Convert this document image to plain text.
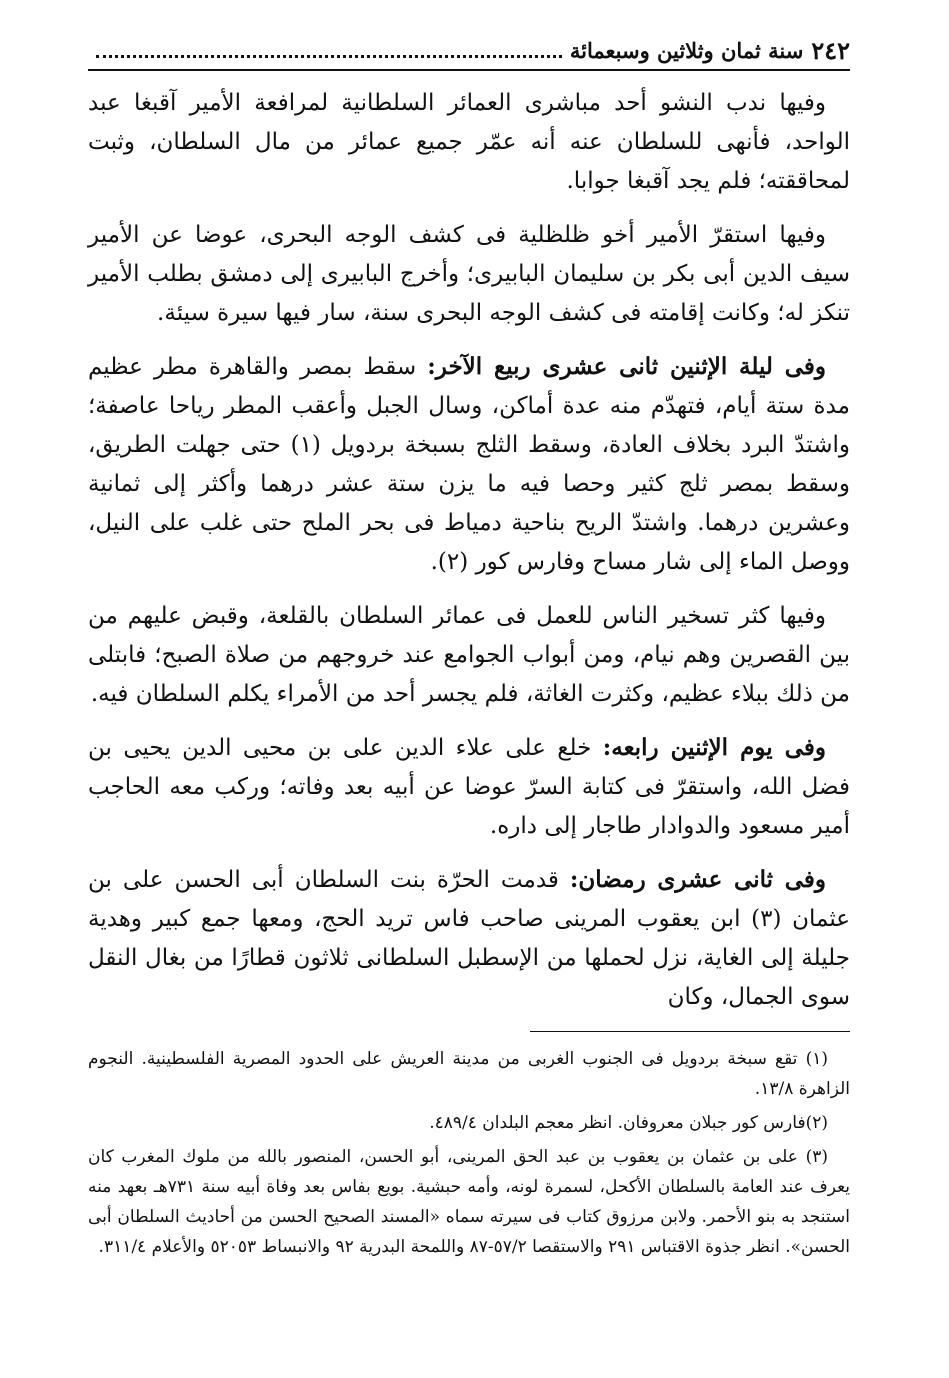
٢٤٢
سنة ثمان وثلاثين وسبعمائة

وفيها ندب النشو أحد مباشرى العمائر السلطانية لمرافعة الأمير آقبغا عبد الواحد، فأنهى للسلطان عنه أنه عمّر جميع عمائر من مال السلطان، وثبت لمحاققته؛ فلم يجد آقبغا جوابا.

وفيها استقرّ الأمير أخو ظلظلية فى كشف الوجه البحرى، عوضا عن الأمير سيف الدين أبى بكر بن سليمان البابيرى؛ وأخرج البابيرى إلى دمشق بطلب الأمير تنكز له؛ وكانت إقامته فى كشف الوجه البحرى سنة، سار فيها سيرة سيئة.

وفى ليلة الإثنين ثانى عشرى ربيع الآخر: سقط بمصر والقاهرة مطر عظيم مدة ستة أيام، فتهدّم منه عدة أماكن، وسال الجبل وأعقب المطر رياحا عاصفة؛ واشتدّ البرد بخلاف العادة، وسقط الثلج بسبخة بردويل (١) حتى جهلت الطريق، وسقط بمصر ثلج كثير وحصا فيه ما يزن ستة عشر درهما وأكثر إلى ثمانية وعشرين درهما. واشتدّ الريح بناحية دمياط فى بحر الملح حتى غلب على النيل، ووصل الماء إلى شار مساح وفارس كور (٢).

وفيها كثر تسخير الناس للعمل فى عمائر السلطان بالقلعة، وقبض عليهم من بين القصرين وهم نيام، ومن أبواب الجوامع عند خروجهم من صلاة الصبح؛ فابتلى من ذلك ببلاء عظيم، وكثرت الغاثة، فلم يجسر أحد من الأمراء يكلم السلطان فيه.

وفى يوم الإثنين رابعه: خلع على علاء الدين على بن محيى الدين يحيى بن فضل الله، واستقرّ فى كتابة السرّ عوضا عن أبيه بعد وفاته؛ وركب معه الحاجب أمير مسعود والدوادار طاجار إلى داره.

وفى ثانى عشرى رمضان: قدمت الحرّة بنت السلطان أبى الحسن على بن عثمان (٣) ابن يعقوب المرينى صاحب فاس تريد الحج، ومعها جمع كبير وهدية جليلة إلى الغاية، نزل لحملها من الإسطبل السلطانى ثلاثون قطارًا من بغال النقل سوى الجمال، وكان

(١) تقع سبخة بردويل فى الجنوب الغربى من مدينة العريش على الحدود المصرية الفلسطينية. النجوم الزاهرة ١٣/٨.

(٢)فارس كور جبلان معروفان. انظر معجم البلدان ٤٨٩/٤.

(٣) على بن عثمان بن يعقوب بن عبد الحق المرينى، أبو الحسن، المنصور بالله من ملوك المغرب كان يعرف عند العامة بالسلطان الأكحل، لسمرة لونه، وأمه حبشية. بويع بفاس بعد وفاة أبيه سنة ٧٣١هـ بعهد منه استنجد به بنو الأحمر. ولابن مرزوق كتاب فى سيرته سماه «المسند الصحيح الحسن من أحاديث السلطان أبى الحسن». انظر جذوة الاقتباس ٢٩١ والاستقصا ٥٧/٢-٨٧ واللمحة البدرية ٩٢ والانبساط ٥٢٠٥٣ والأعلام ٣١١/٤.
